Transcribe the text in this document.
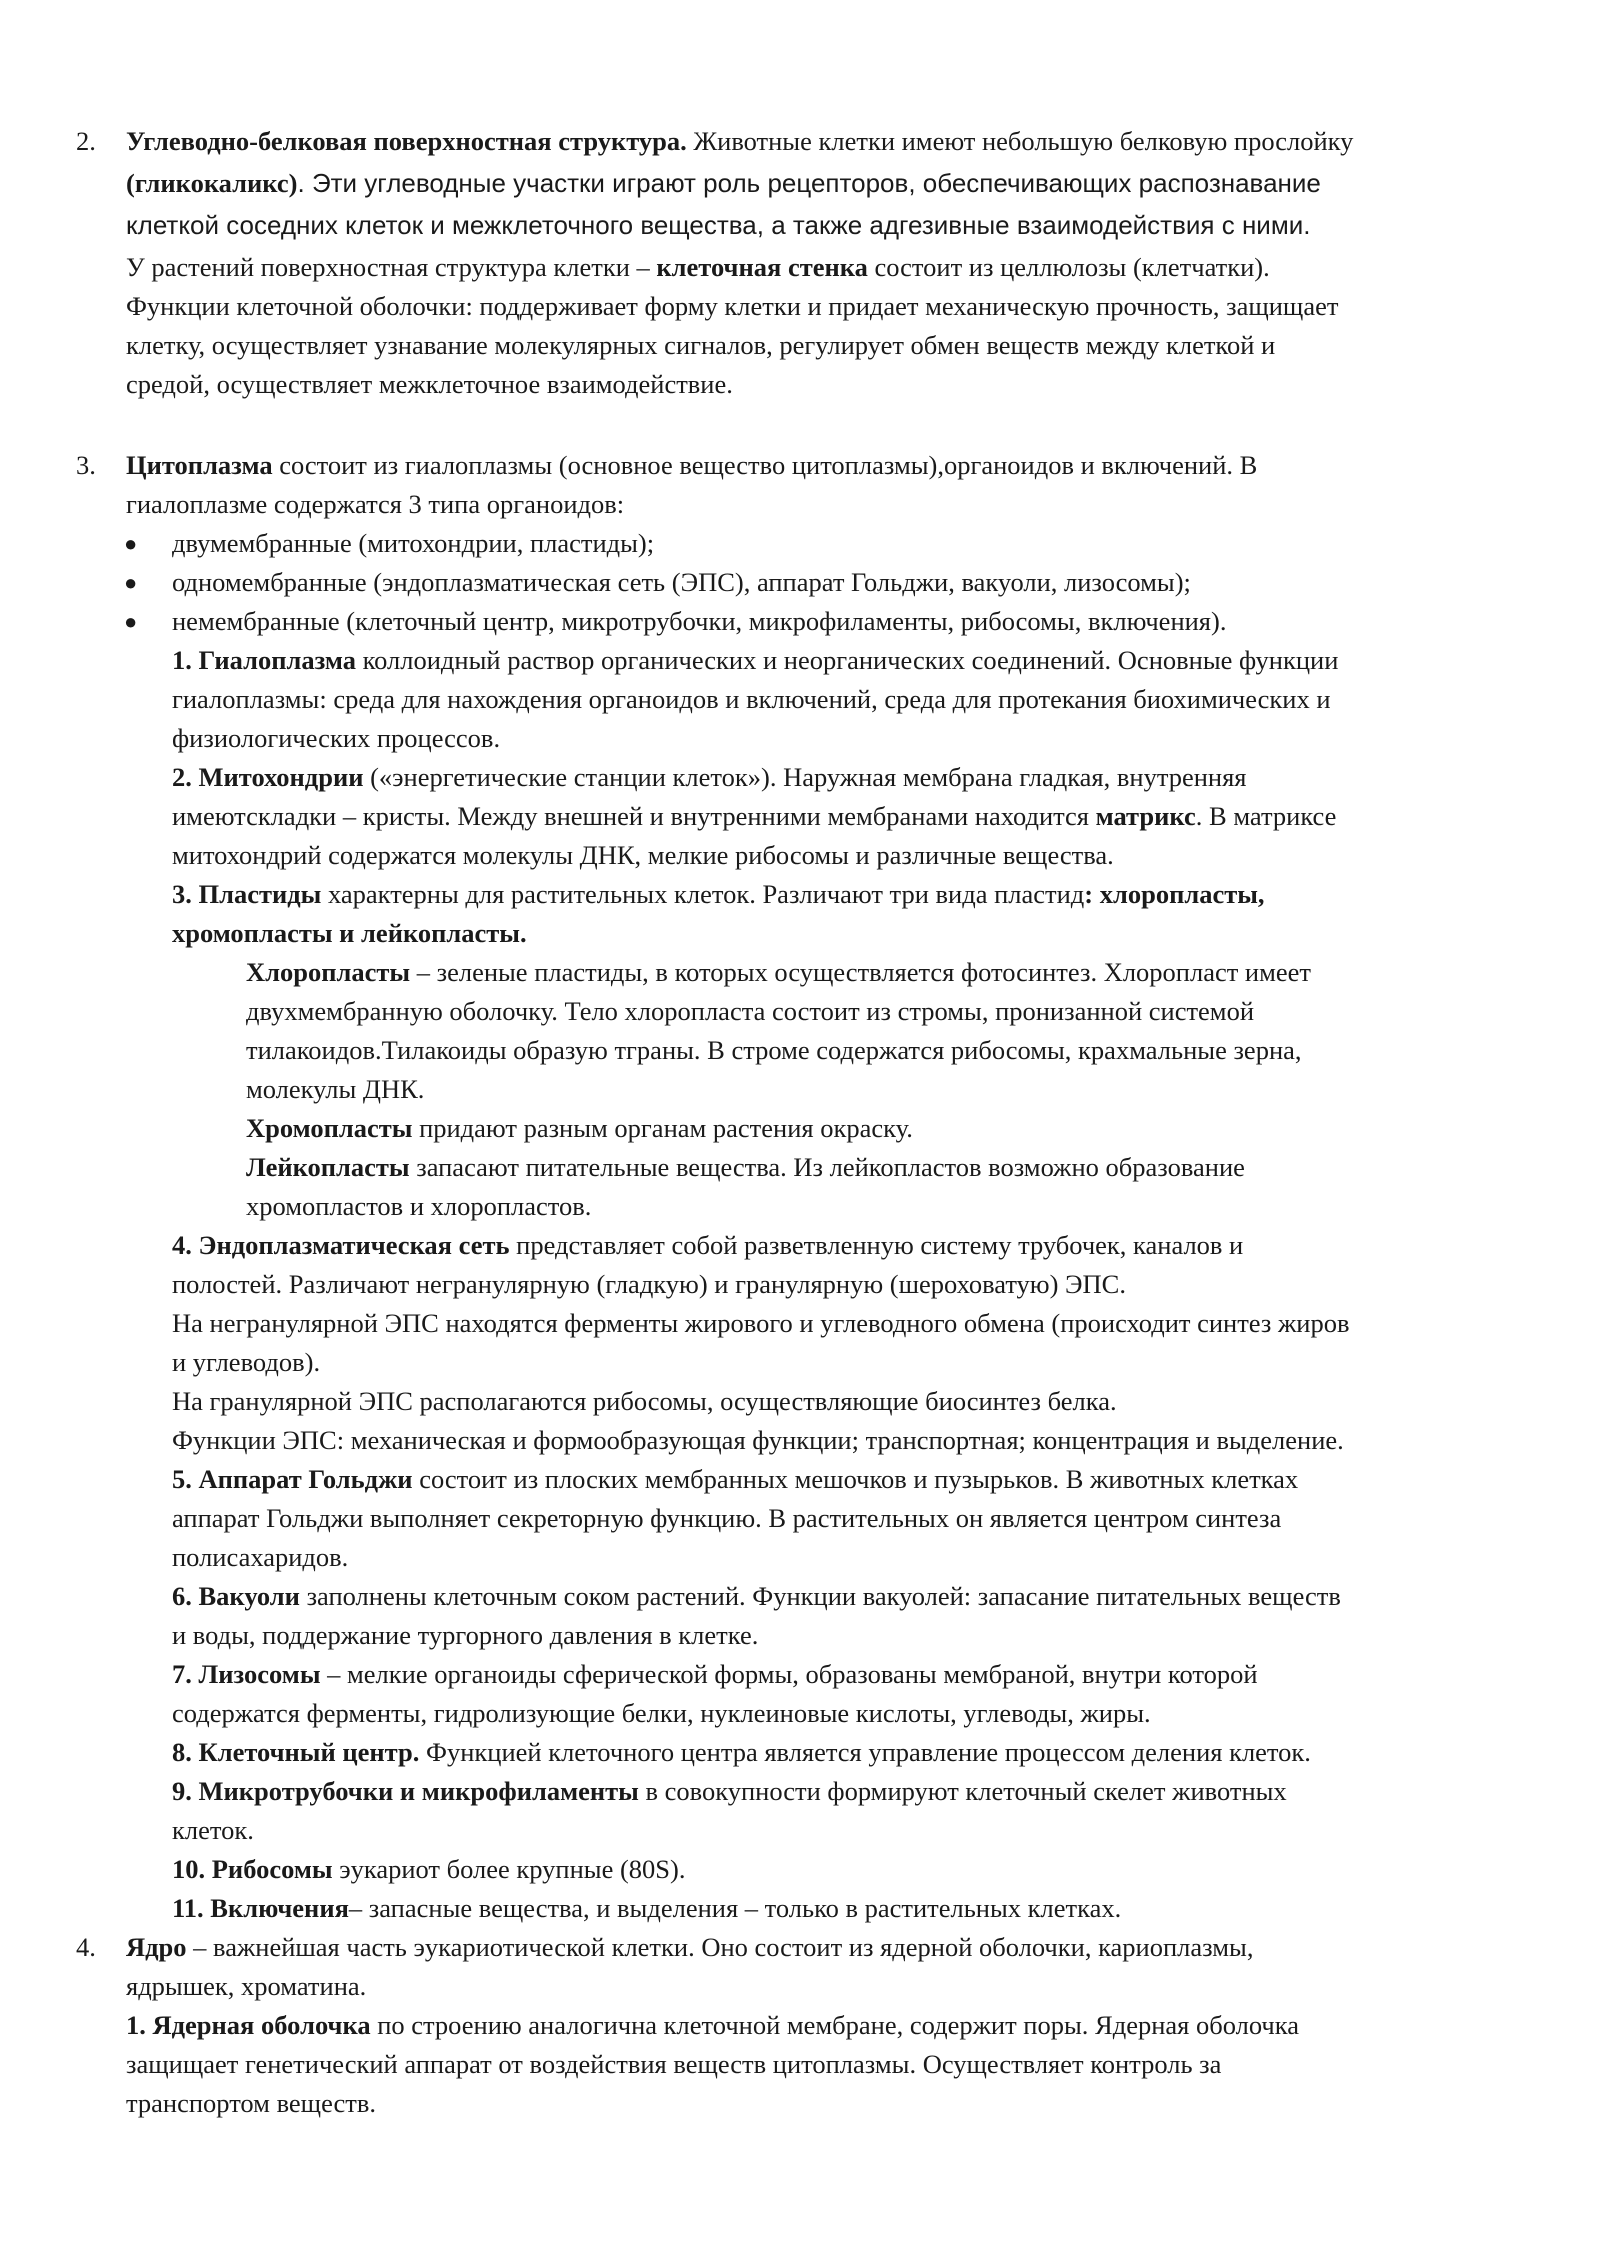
2. Углеводно-белковая поверхностная структура. Животные клетки имеют небольшую белковую прослойку
(гликокаликс). Эти углеводные участки играют роль рецепторов, обеспечивающих распознавание
клеткой соседних клеток и межклеточного вещества, а также адгезивные взаимодействия с ними.
У растений поверхностная структура клетки – клеточная стенка состоит из целлюлозы (клетчатки).
Функции клеточной оболочки: поддерживает форму клетки и придает механическую прочность, защищает
клетку, осуществляет узнавание молекулярных сигналов, регулирует обмен веществ между клеткой и
средой, осуществляет межклеточное взаимодействие.
3. Цитоплазма состоит из гиалоплазмы (основное вещество цитоплазмы),органоидов и включений. В
гиалоплазме содержатся 3 типа органоидов:
● двумембранные (митохондрии, пластиды);
● одномембранные (эндоплазматическая сеть (ЭПС), аппарат Гольджи, вакуоли, лизосомы);
● немембранные (клеточный центр, микротрубочки, микрофиламенты, рибосомы, включения).
1. Гиалоплазма коллоидный раствор органических и неорганических соединений. Основные функции
гиалоплазмы: среда для нахождения органоидов и включений, среда для протекания биохимических и
физиологических процессов.
2. Митохондрии («энергетические станции клеток»). Наружная мембрана гладкая, внутренняя
имеютскладки – кристы. Между внешней и внутренними мембранами находится матрикс. В матриксе
митохондрий содержатся молекулы ДНК, мелкие рибосомы и различные вещества.
3. Пластиды характерны для растительных клеток. Различают три вида пластид: хлоропласты,
хромопласты и лейкопласты.
Хлоропласты – зеленые пластиды, в которых осуществляется фотосинтез. Хлоропласт имеет
двухмембранную оболочку. Тело хлоропласта состоит из стромы, пронизанной системой
тилакоидов.Тилакоиды образую тграны. В строме содержатся рибосомы, крахмальные зерна,
молекулы ДНК.
Хромопласты придают разным органам растения окраску.
Лейкопласты запасают питательные вещества. Из лейкопластов возможно образование
хромопластов и хлоропластов.
4. Эндоплазматическая сеть представляет собой разветвленную систему трубочек, каналов и
полостей. Различают негранулярную (гладкую) и гранулярную (шероховатую) ЭПС.
На негранулярной ЭПС находятся ферменты жирового и углеводного обмена (происходит синтез жиров
и углеводов).
На гранулярной ЭПС располагаются рибосомы, осуществляющие биосинтез белка.
Функции ЭПС: механическая и формообразующая функции; транспортная; концентрация и выделение.
5. Аппарат Гольджи состоит из плоских мембранных мешочков и пузырьков. В животных клетках
аппарат Гольджи выполняет секреторную функцию. В растительных он является центром синтеза
полисахаридов.
6. Вакуоли заполнены клеточным соком растений. Функции вакуолей: запасание питательных веществ
и воды, поддержание тургорного давления в клетке.
7. Лизосомы – мелкие органоиды сферической формы, образованы мембраной, внутри которой
содержатся ферменты, гидролизующие белки, нуклеиновые кислоты, углеводы, жиры.
8. Клеточный центр. Функцией клеточного центра является управление процессом деления клеток.
9. Микротрубочки и микрофиламенты в совокупности формируют клеточный скелет животных
клеток.
10. Рибосомы эукариот более крупные (80S).
11. Включения– запасные вещества, и выделения – только в растительных клетках.
4. Ядро – важнейшая часть эукариотической клетки. Оно состоит из ядерной оболочки, кариоплазмы,
ядрышек, хроматина.
1. Ядерная оболочка по строению аналогична клеточной мембране, содержит поры. Ядерная оболочка
защищает генетический аппарат от воздействия веществ цитоплазмы. Осуществляет контроль за
транспортом веществ.
